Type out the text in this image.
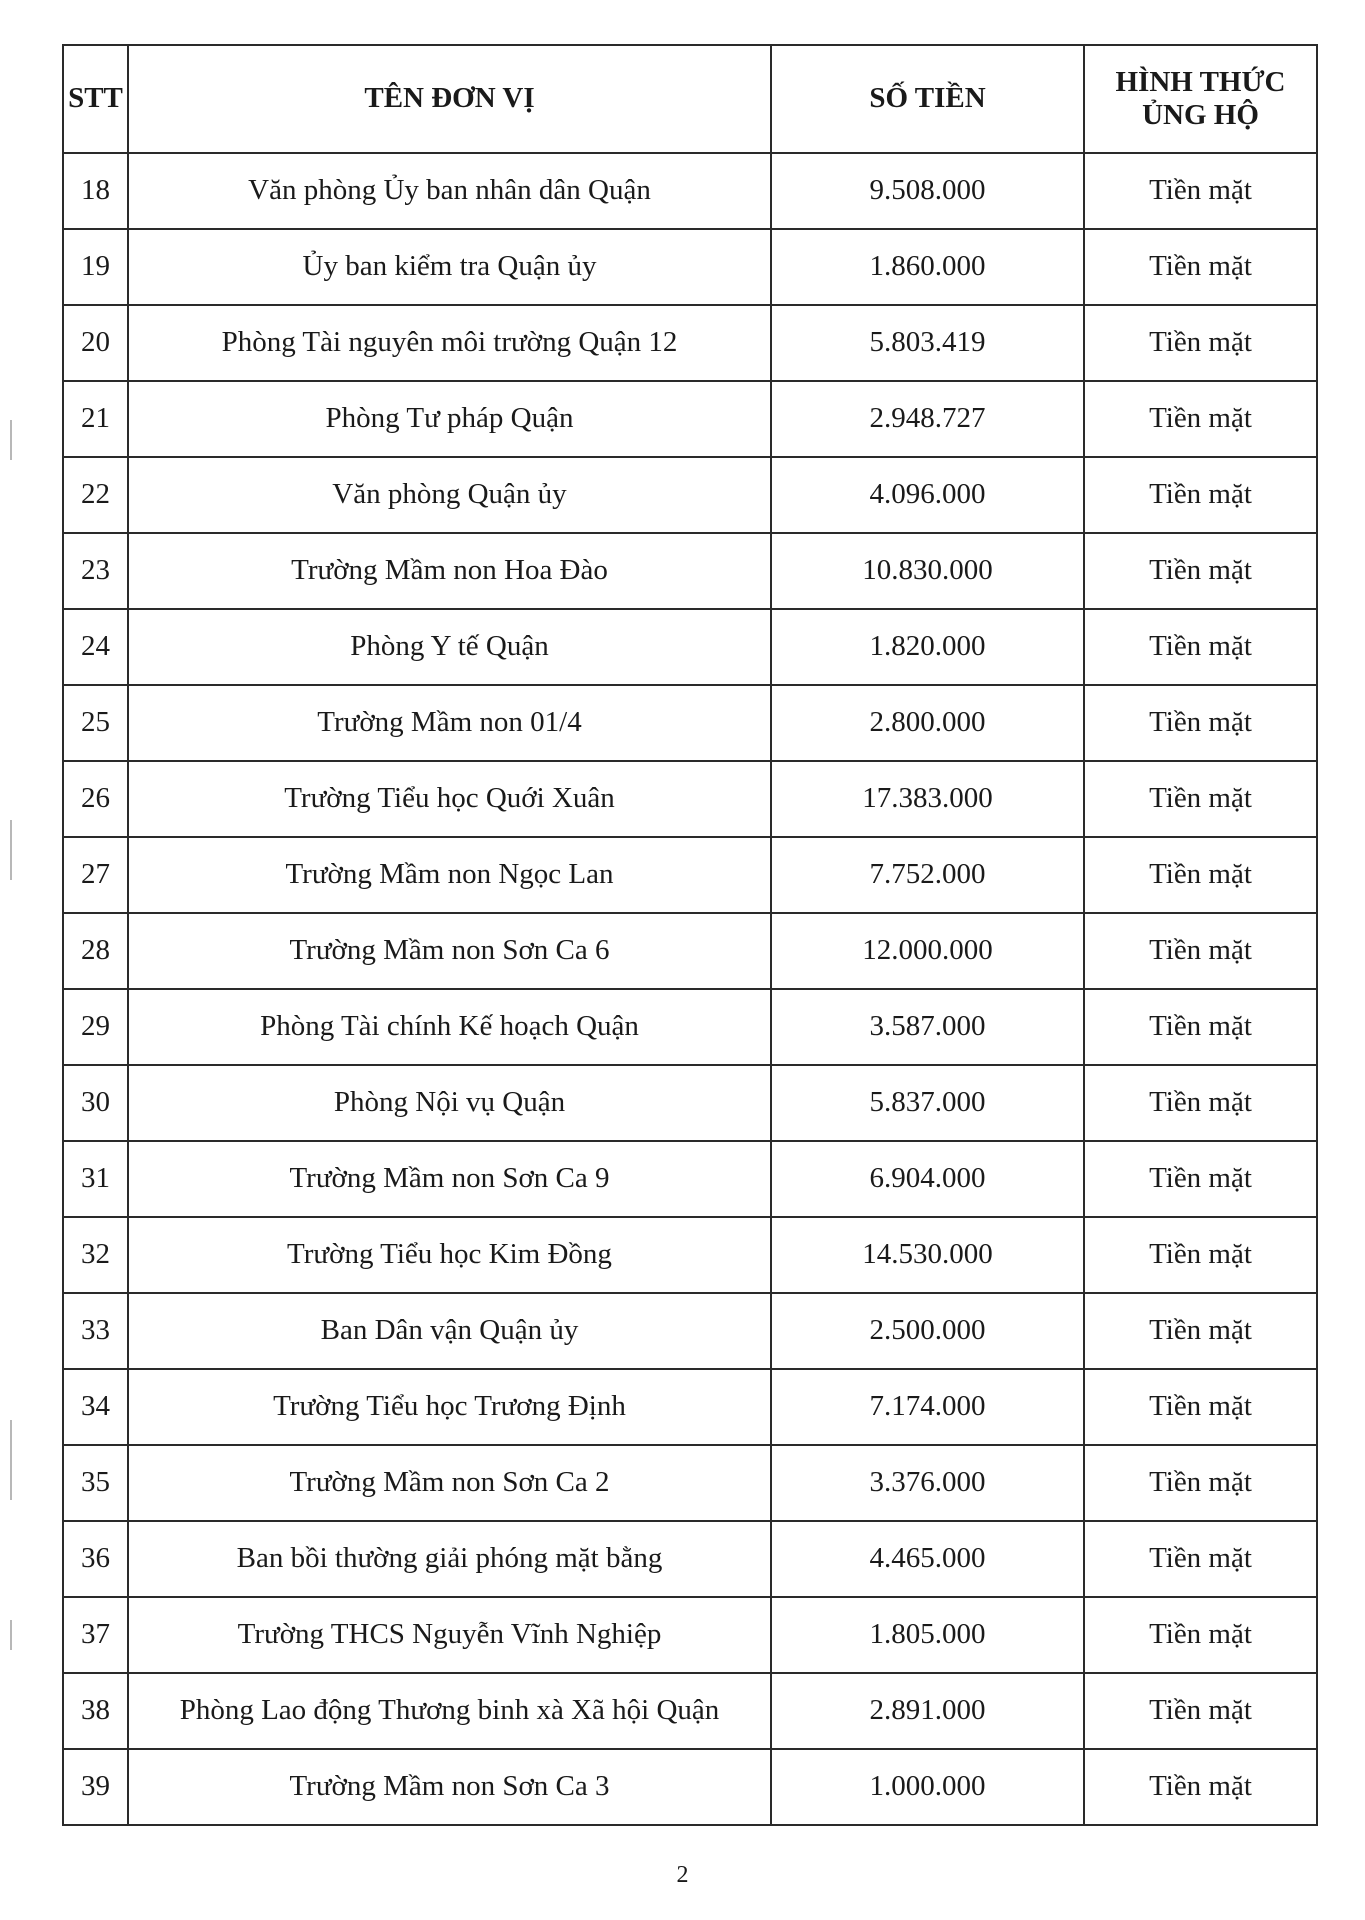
STT	TÊN ĐƠN VỊ	SỐ TIỀN	HÌNH THỨC
ỦNG HỘ

18	Văn phòng Ủy ban nhân dân Quận	9.508.000	Tiền mặt
19	Ủy ban kiểm tra Quận ủy	1.860.000	Tiền mặt
20	Phòng Tài nguyên môi trường Quận 12	5.803.419	Tiền mặt
21	Phòng Tư pháp Quận	2.948.727	Tiền mặt
22	Văn phòng Quận ủy	4.096.000	Tiền mặt
23	Trường Mầm non Hoa Đào	10.830.000	Tiền mặt
24	Phòng Y tế Quận	1.820.000	Tiền mặt
25	Trường Mầm non 01/4	2.800.000	Tiền mặt
26	Trường Tiểu học Quới Xuân	17.383.000	Tiền mặt
27	Trường Mầm non Ngọc Lan	7.752.000	Tiền mặt
28	Trường Mầm non Sơn Ca 6	12.000.000	Tiền mặt
29	Phòng Tài chính Kế hoạch Quận	3.587.000	Tiền mặt
30	Phòng Nội vụ Quận	5.837.000	Tiền mặt
31	Trường Mầm non Sơn Ca 9	6.904.000	Tiền mặt
32	Trường Tiểu học Kim Đồng	14.530.000	Tiền mặt
33	Ban Dân vận Quận ủy	2.500.000	Tiền mặt
34	Trường Tiểu học Trương Định	7.174.000	Tiền mặt
35	Trường Mầm non Sơn Ca 2	3.376.000	Tiền mặt
36	Ban bồi thường giải phóng mặt bằng	4.465.000	Tiền mặt
37	Trường THCS Nguyễn Vĩnh Nghiệp	1.805.000	Tiền mặt
38	Phòng Lao động Thương binh xà Xã hội Quận	2.891.000	Tiền mặt
39	Trường Mầm non Sơn Ca 3	1.000.000	Tiền mặt
2
